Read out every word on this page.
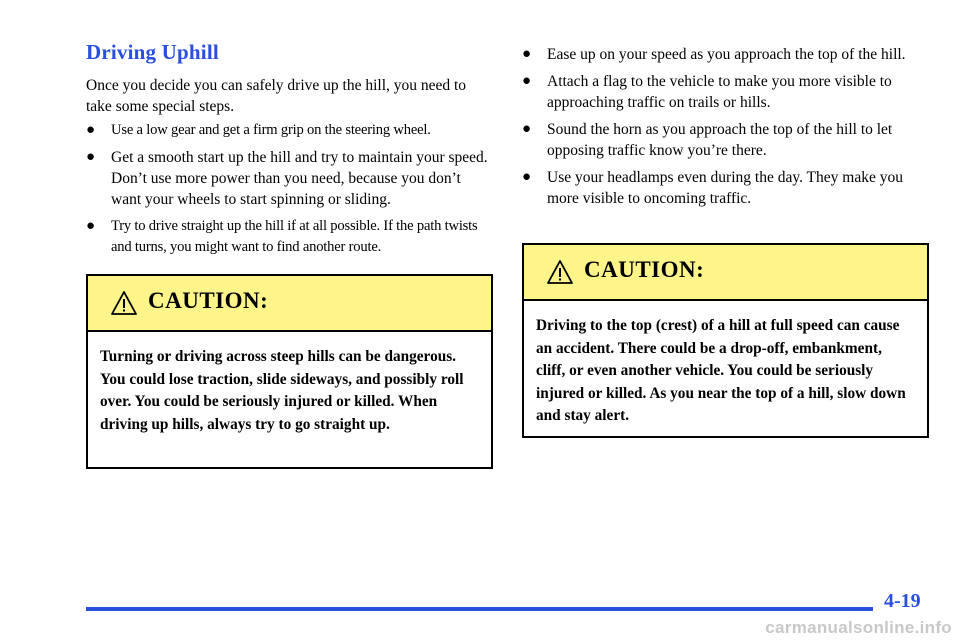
Driving Uphill
Once you decide you can safely drive up the hill, you need to take some special steps.
● Use a low gear and get a firm grip on the steering wheel.
● Get a smooth start up the hill and try to maintain your speed. Don’t use more power than you need, because you don’t want your wheels to start spinning or sliding.
● Try to drive straight up the hill if at all possible. If the path twists and turns, you might want to find another route.
CAUTION:
Turning or driving across steep hills can be dangerous. You could lose traction, slide sideways, and possibly roll over. You could be seriously injured or killed. When driving up hills, always try to go straight up.
● Ease up on your speed as you approach the top of the hill.
● Attach a flag to the vehicle to make you more visible to approaching traffic on trails or hills.
● Sound the horn as you approach the top of the hill to let opposing traffic know you’re there.
● Use your headlamps even during the day. They make you more visible to oncoming traffic.
CAUTION:
Driving to the top (crest) of a hill at full speed can cause an accident. There could be a drop-off, embankment, cliff, or even another vehicle. You could be seriously injured or killed. As you near the top of a hill, slow down and stay alert.
4-19
carmanualsonline.info
